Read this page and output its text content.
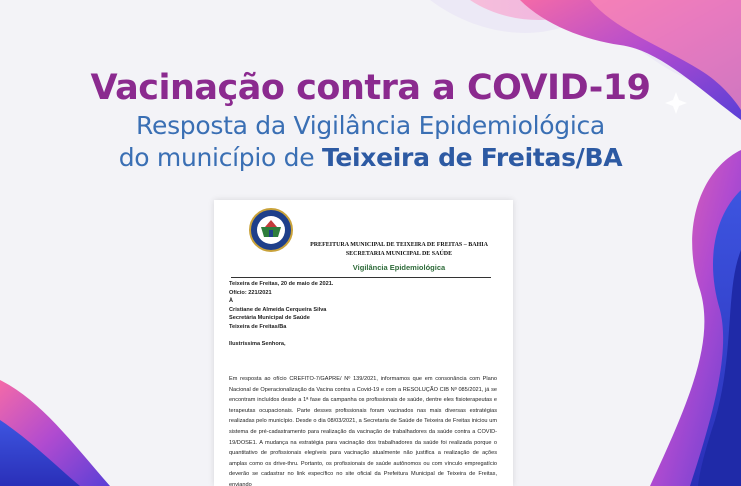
Vacinação contra a COVID-19
Resposta da Vigilância Epidemiológica
do município de Teixeira de Freitas/BA
PREFEITURA MUNICIPAL DE TEIXEIRA DE FREITAS – BAHIA
SECRETARIA MUNICIPAL DE SAÚDE
Vigilância Epidemiológica
Teixeira de Freitas, 20 de maio de 2021.
Ofício: 221/2021
À
Cristiane de Almeida Cerqueira Silva
Secretária Municipal de Saúde
Teixeira de Freitas/Ba
Ilustríssima Senhora,
Em resposta ao ofício CREFITO-7/GAPRE/ Nº 139/2021, informamos que em consonância com Plano Nacional de Operacionalização da Vacina contra a Covid-19 e com a RESOLUÇÃO CIB Nº 085/2021, já se encontram incluídos desde a 1ª fase da campanha os profissionais de saúde, dentre eles fisioterapeutas e terapeutas ocupacionais. Parte desses profissionais foram vacinados nas mais diversas estratégias realizadas pelo município. Desde o dia 08/03/2021, a Secretaria de Saúde de Teixeira de Freitas iniciou um sistema de pré-cadastramento para realização da vacinação de trabalhadores da saúde contra a COVID-19/DOSE1. A mudança na estratégia para vacinação dos trabalhadores da saúde foi realizada porque o quantitativo de profissionais elegíveis para vacinação atualmente não justifica a realização de ações amplas como os drive-thru. Portanto, os profissionais de saúde autônomos ou com vínculo empregatício deverão se cadastrar no link específico no site oficial da Prefeitura Municipal de Teixeira de Freitas, enviando
